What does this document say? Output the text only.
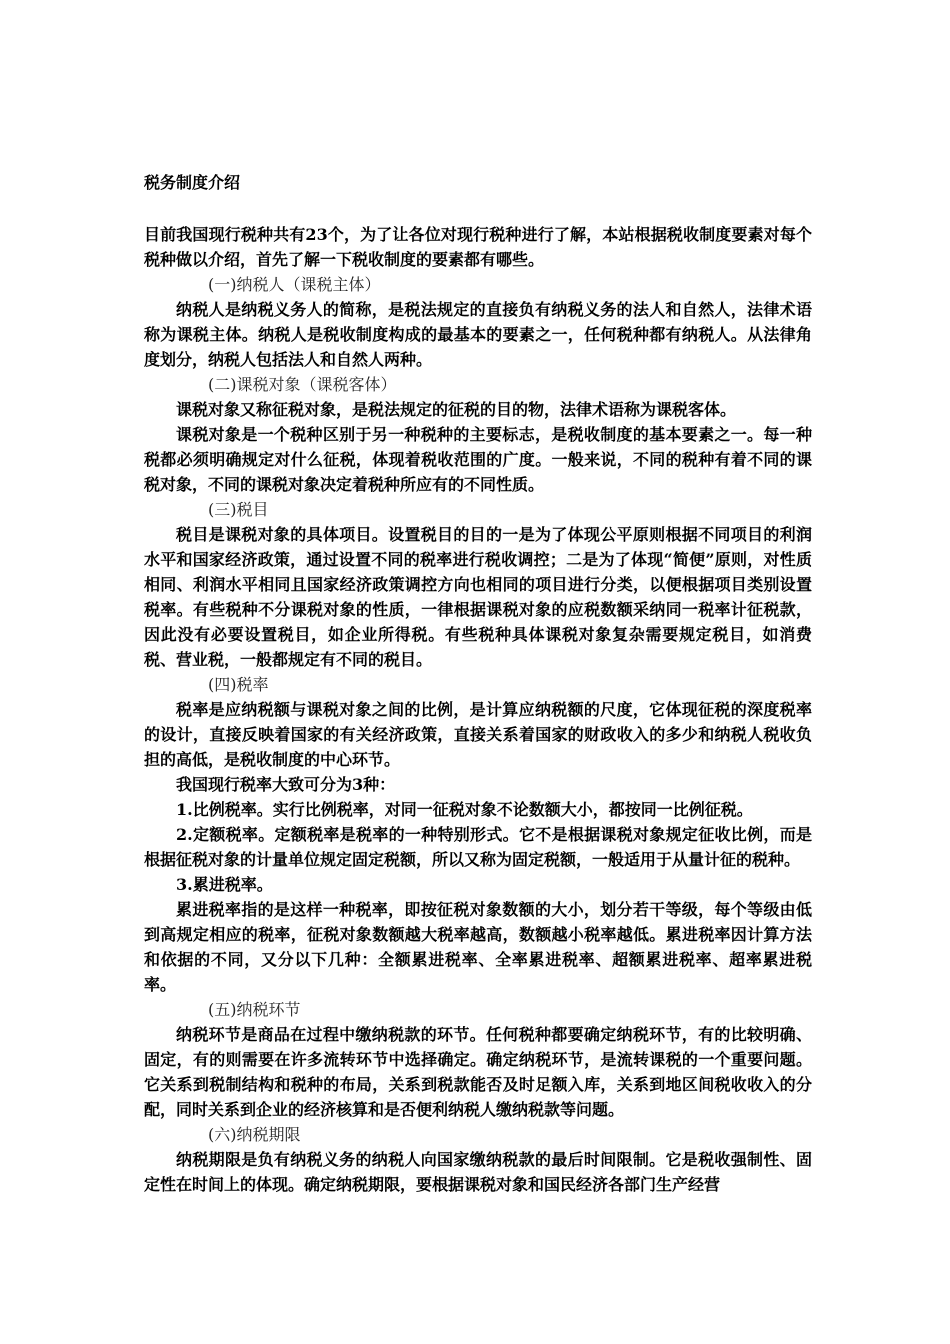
税务制度介绍
目前我国现行税种共有23个，为了让各位对现行税种进行了解，本站根据税收制度要素对每个税种做以介绍，首先了解一下税收制度的要素都有哪些。
(一)纳税人（课税主体）
纳税人是纳税义务人的简称，是税法规定的直接负有纳税义务的法人和自然人，法律术语称为课税主体。纳税人是税收制度构成的最基本的要素之一，任何税种都有纳税人。从法律角度划分，纳税人包括法人和自然人两种。
(二)课税对象（课税客体）
课税对象又称征税对象，是税法规定的征税的目的物，法律术语称为课税客体。
课税对象是一个税种区别于另一种税种的主要标志，是税收制度的基本要素之一。每一种税都必须明确规定对什么征税，体现着税收范围的广度。一般来说，不同的税种有着不同的课税对象，不同的课税对象决定着税种所应有的不同性质。
(三)税目
税目是课税对象的具体项目。设置税目的目的一是为了体现公平原则根据不同项目的利润水平和国家经济政策，通过设置不同的税率进行税收调控；二是为了体现“简便”原则，对性质相同、利润水平相同且国家经济政策调控方向也相同的项目进行分类，以便根据项目类别设置税率。有些税种不分课税对象的性质，一律根据课税对象的应税数额采纳同一税率计征税款，因此没有必要设置税目，如企业所得税。有些税种具体课税对象复杂需要规定税目，如消费税、营业税，一般都规定有不同的税目。
(四)税率
税率是应纳税额与课税对象之间的比例，是计算应纳税额的尺度，它体现征税的深度税率的设计，直接反映着国家的有关经济政策，直接关系着国家的财政收入的多少和纳税人税收负担的高低，是税收制度的中心环节。
我国现行税率大致可分为3种：
1.比例税率。实行比例税率，对同一征税对象不论数额大小，都按同一比例征税。
2.定额税率。定额税率是税率的一种特别形式。它不是根据课税对象规定征收比例，而是根据征税对象的计量单位规定固定税额，所以又称为固定税额，一般适用于从量计征的税种。
3.累进税率。
累进税率指的是这样一种税率，即按征税对象数额的大小，划分若干等级，每个等级由低到高规定相应的税率，征税对象数额越大税率越高，数额越小税率越低。累进税率因计算方法和依据的不同，又分以下几种：全额累进税率、全率累进税率、超额累进税率、超率累进税率。
(五)纳税环节
纳税环节是商品在过程中缴纳税款的环节。任何税种都要确定纳税环节，有的比较明确、固定，有的则需要在许多流转环节中选择确定。确定纳税环节，是流转课税的一个重要问题。它关系到税制结构和税种的布局，关系到税款能否及时足额入库，关系到地区间税收收入的分配，同时关系到企业的经济核算和是否便利纳税人缴纳税款等问题。
(六)纳税期限
纳税期限是负有纳税义务的纳税人向国家缴纳税款的最后时间限制。它是税收强制性、固定性在时间上的体现。确定纳税期限，要根据课税对象和国民经济各部门生产经营
